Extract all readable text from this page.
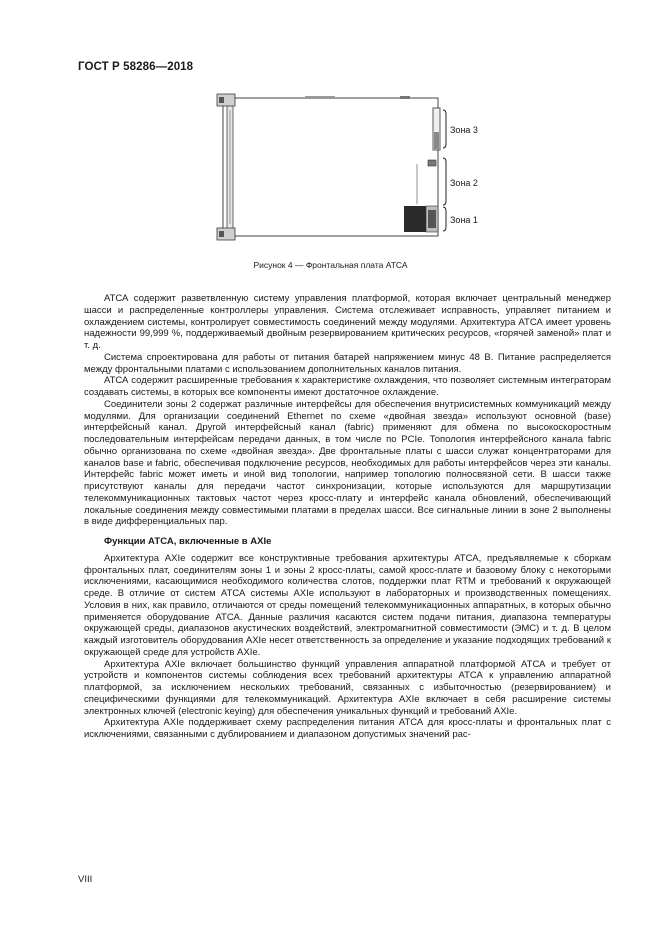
ГОСТ Р 58286—2018
Зона 3
Зона 2
Зона 1
Рисунок 4 — Фронтальная плата АТСА

АТСА содержит разветвленную систему управления платформой, которая включает центральный менеджер шасси и распределенные контроллеры управления. Система отслеживает исправность, управляет питанием и охлаждением системы, контролирует совместимость соединений между модулями. Архитектура АТСА имеет уровень надежности 99,999 %, поддерживаемый двойным резервированием критических ресурсов, «горячей заменой» плат и т. д.

Система спроектирована для работы от питания батарей напряжением минус 48 В. Питание распределяется между фронтальными платами с использованием дополнительных каналов питания.

АТСА содержит расширенные требования к характеристике охлаждения, что позволяет системным интеграторам создавать системы, в которых все компоненты имеют достаточное охлаждение.

Соединители зоны 2 содержат различные интерфейсы для обеспечения внутрисистемных коммуникаций между модулями. Для организации соединений Ethernet по схеме «двойная звезда» используют основной (base) интерфейсный канал. Другой интерфейсный канал (fabric) применяют для обмена по высокоскоростным последовательным интерфейсам передачи данных, в том числе по PCIe. Топология интерфейсного канала fabric обычно организована по схеме «двойная звезда». Две фронтальные платы с шасси служат концентраторами для каналов base и fabric, обеспечивая подключение ресурсов, необходимых для работы интерфейсов через эти каналы. Интерфейс fabric может иметь и иной вид топологии, например топологию полносвязной сети. В шасси также присутствуют каналы для передачи частот синхронизации, которые используются для маршрутизации телекоммуникационных тактовых частот через кросс-плату и интерфейс канала обновлений, обеспечивающий локальные соединения между совместимыми платами в пределах шасси. Все сигнальные линии в зоне 2 выполнены в виде дифференциальных пар.

Функции АТСА, включенные в AXIe

Архитектура AXIe содержит все конструктивные требования архитектуры АТСА, предъявляемые к сборкам фронтальных плат, соединителям зоны 1 и зоны 2 кросс-платы, самой кросс-плате и базовому блоку с некоторыми исключениями, касающимися необходимого количества слотов, поддержки плат RTM и требований к окружающей среде. В отличие от систем АТСА системы AXIe используют в лабораторных и производственных помещениях. Условия в них, как правило, отличаются от среды помещений телекоммуникационных аппаратных, в которых обычно применяется оборудование АТСА. Данные различия касаются систем подачи питания, диапазона температуры окружающей среды, диапазонов акустических воздействий, электромагнитной совместимости (ЭМС) и т. д. В целом каждый изготовитель оборудования AXIe несет ответственность за определение и указание подходящих требований к окружающей среде для устройств AXIe.

Архитектура AXIe включает большинство функций управления аппаратной платформой АТСА и требует от устройств и компонентов системы соблюдения всех требований архитектуры АТСА к управлению аппаратной платформой, за исключением нескольких требований, связанных с избыточностью (резервированием) и специфическими функциями для телекоммуникаций. Архитектура AXIe включает в себя расширение системы электронных ключей (electronic keying) для обеспечения уникальных функций и требований AXIe.

Архитектура AXIe поддерживает схему распределения питания АТСА для кросс-платы и фронтальных плат с исключениями, связанными с дублированием и диапазоном допустимых значений рас-

VIII
